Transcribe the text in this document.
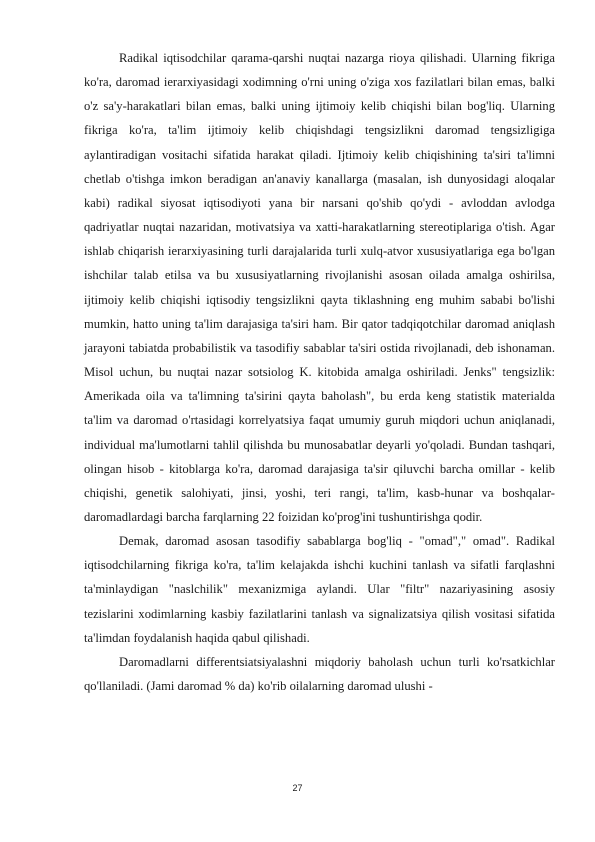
Radikal iqtisodchilar qarama-qarshi nuqtai nazarga rioya qilishadi. Ularning fikriga ko'ra, daromad ierarxiyasidagi xodimning o'rni uning o'ziga xos fazilatlari bilan emas, balki o'z sa'y-harakatlari bilan emas, balki uning ijtimoiy kelib chiqishi bilan bog'liq. Ularning fikriga ko'ra, ta'lim ijtimoiy kelib chiqishdagi tengsizlikni daromad tengsizligiga aylantiradigan vositachi sifatida harakat qiladi. Ijtimoiy kelib chiqishining ta'siri ta'limni chetlab o'tishga imkon beradigan an'anaviy kanallarga (masalan, ish dunyosidagi aloqalar kabi) radikal siyosat iqtisodiyoti yana bir narsani qo'shib qo'ydi - avloddan avlodga qadriyatlar nuqtai nazaridan, motivatsiya va xatti-harakatlarning stereotiplariga o'tish. Agar ishlab chiqarish ierarxiyasining turli darajalarida turli xulq-atvor xususiyatlariga ega bo'lgan ishchilar talab etilsa va bu xususiyatlarning rivojlanishi asosan oilada amalga oshirilsa, ijtimoiy kelib chiqishi iqtisodiy tengsizlikni qayta tiklashning eng muhim sababi bo'lishi mumkin, hatto uning ta'lim darajasiga ta'siri ham. Bir qator tadqiqotchilar daromad aniqlash jarayoni tabiatda probabilistik va tasodifiy sabablar ta'siri ostida rivojlanadi, deb ishonaman. Misol uchun, bu nuqtai nazar sotsiolog K. kitobida amalga oshiriladi. Jenks" tengsizlik: Amerikada oila va ta'limning ta'sirini qayta baholash", bu erda keng statistik materialda ta'lim va daromad o'rtasidagi korrelyatsiya faqat umumiy guruh miqdori uchun aniqlanadi, individual ma'lumotlarni tahlil qilishda bu munosabatlar deyarli yo'qoladi. Bundan tashqari, olingan hisob - kitoblarga ko'ra, daromad darajasiga ta'sir qiluvchi barcha omillar - kelib chiqishi, genetik salohiyati, jinsi, yoshi, teri rangi, ta'lim, kasb-hunar va boshqalar-daromadlardagi barcha farqlarning 22 foizidan ko'prog'ini tushuntirishga qodir.

Demak, daromad asosan tasodifiy sabablarga bog'liq - "omad"," omad". Radikal iqtisodchilarning fikriga ko'ra, ta'lim kelajakda ishchi kuchini tanlash va sifatli farqlashni ta'minlaydigan "naslchilik" mexanizmiga aylandi. Ular "filtr" nazariyasining asosiy tezislarini xodimlarning kasbiy fazilatlarini tanlash va signalizatsiya qilish vositasi sifatida ta'limdan foydalanish haqida qabul qilishadi.

Daromadlarni differentsiatsiyalashni miqdoriy baholash uchun turli ko'rsatkichlar qo'llaniladi. (Jami daromad % da) ko'rib oilalarning daromad ulushi -

27
